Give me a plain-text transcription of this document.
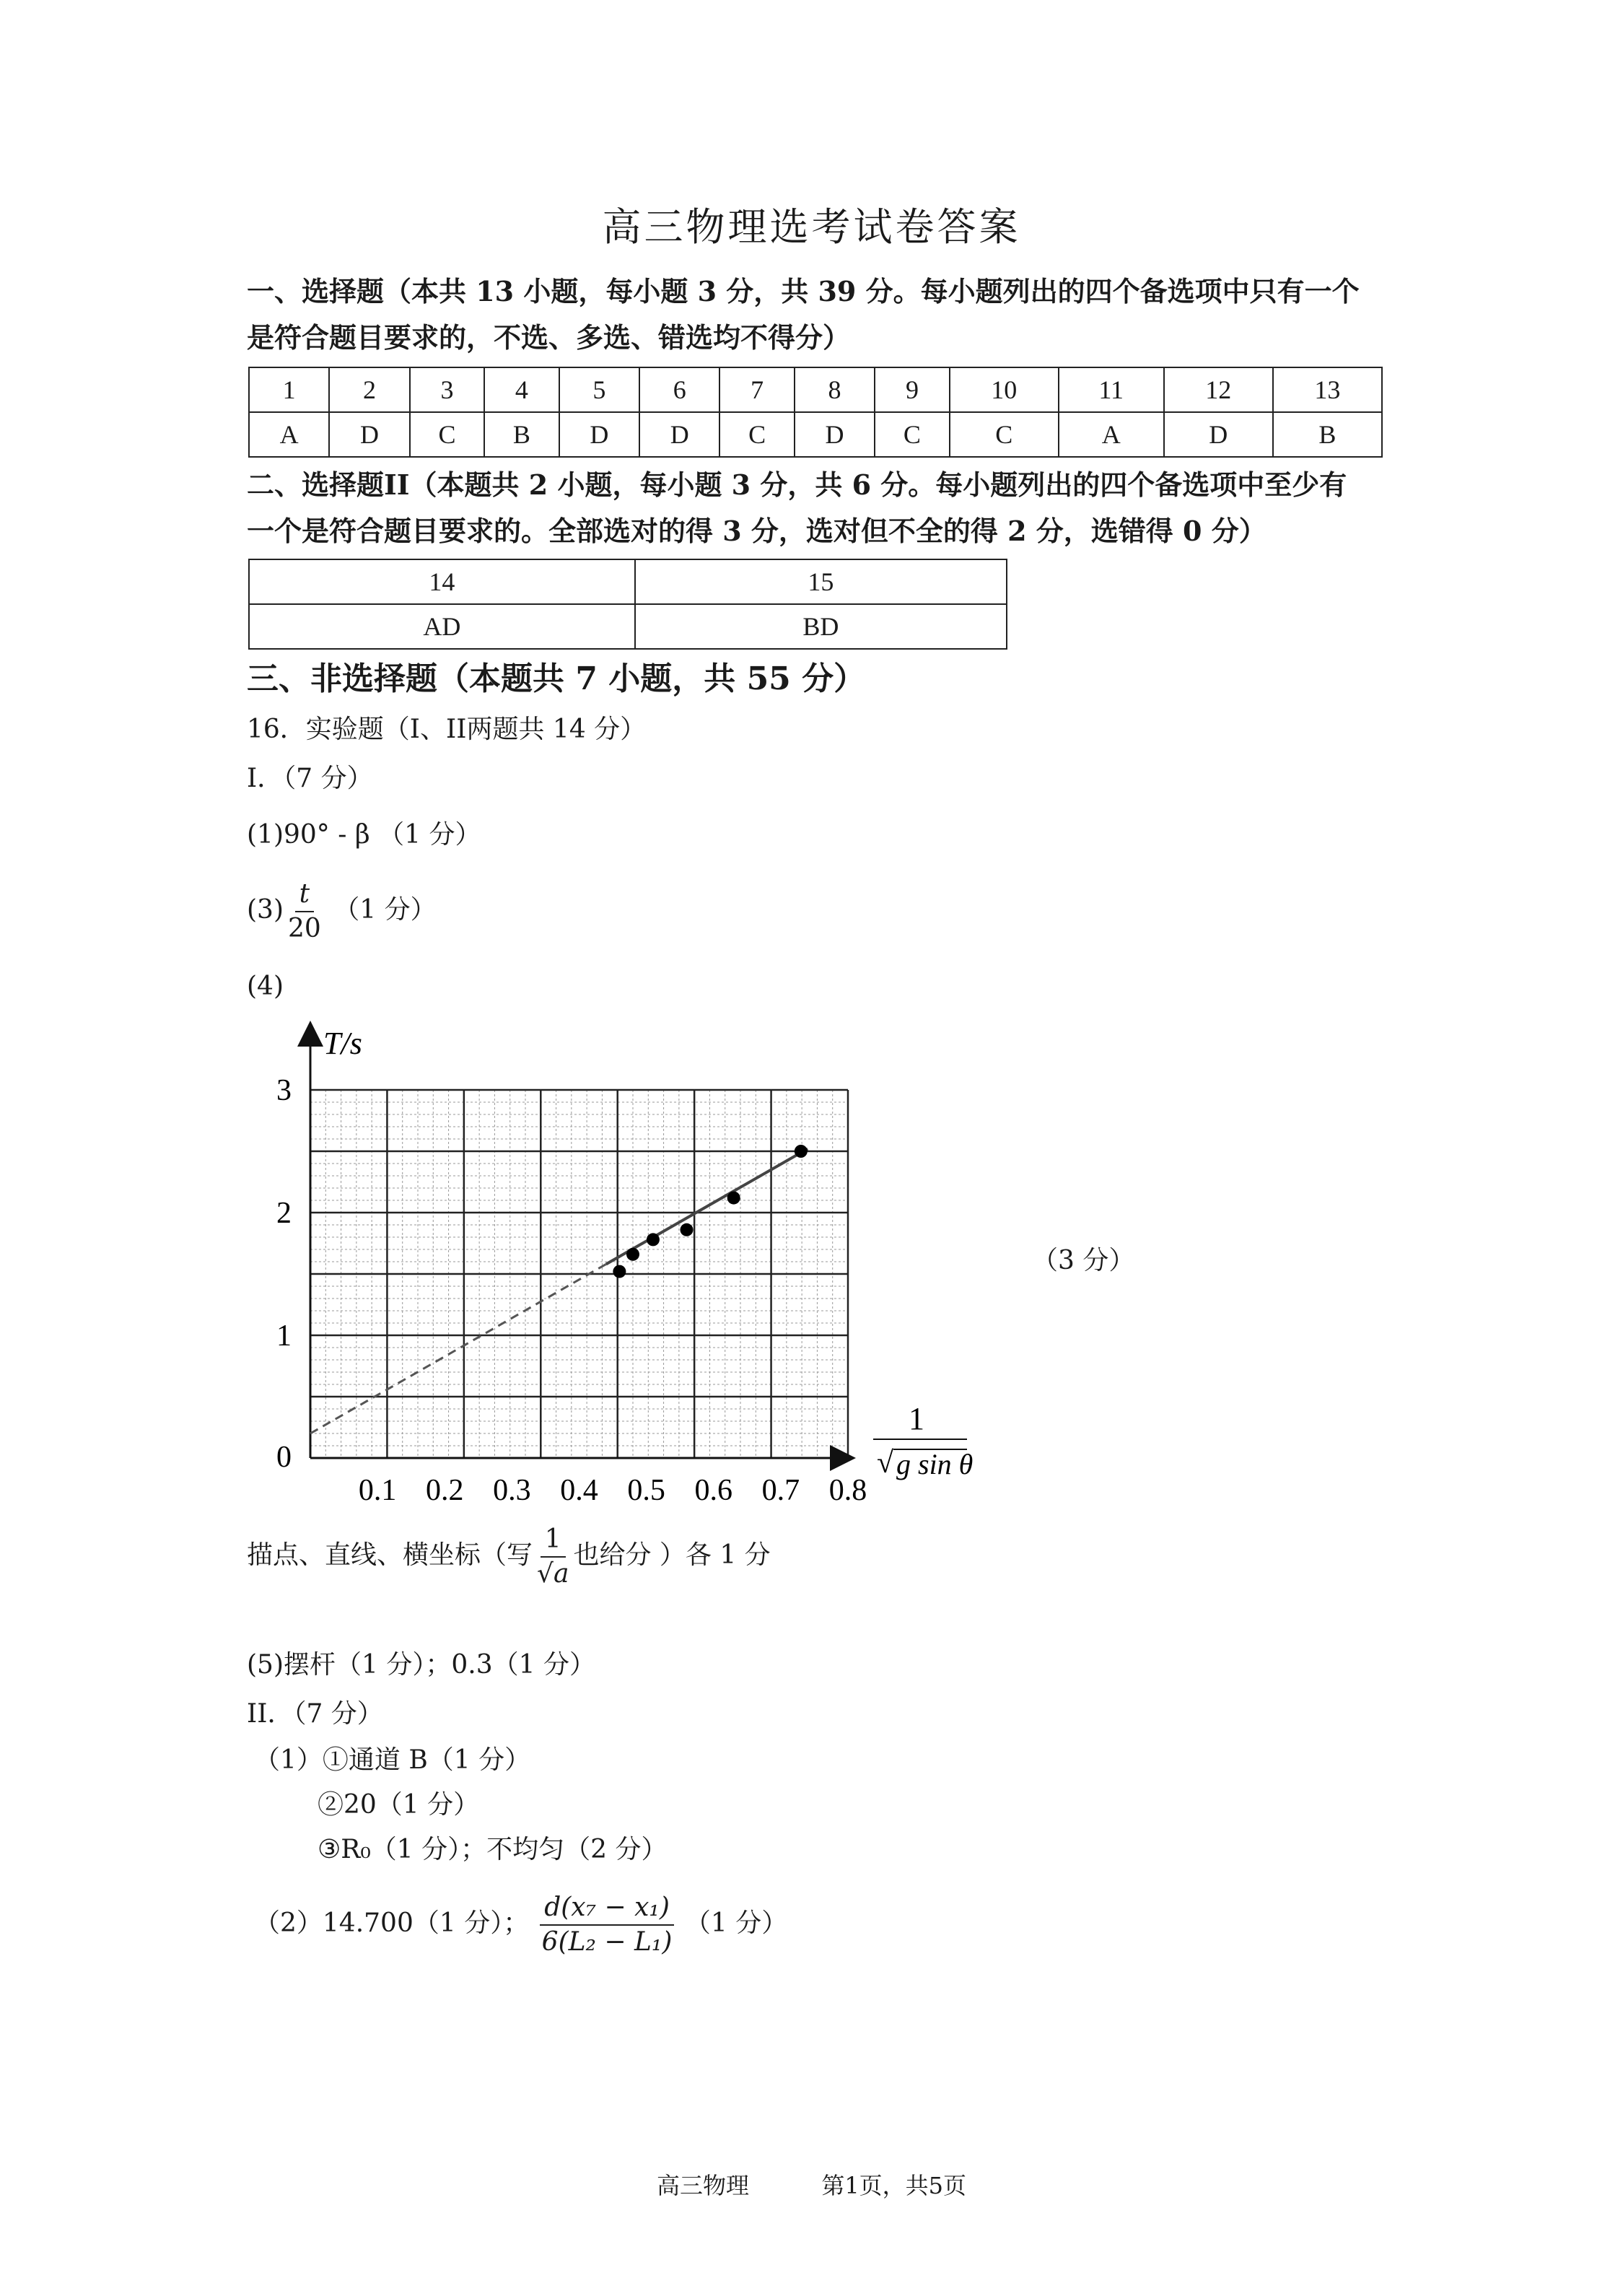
高三物理选考试卷答案
一、选择题（本共 13 小题，每小题 3 分，共 39 分。每小题列出的四个备选项中只有一个
是符合题目要求的，不选、多选、错选均不得分）
1	2	3	4	5	6	7	8	9	10	11	12	13
A	D	C	B	D	D	C	D	C	C	A	D	B
二、选择题II（本题共 2 小题，每小题 3 分，共 6 分。每小题列出的四个备选项中至少有
一个是符合题目要求的。全部选对的得 3 分，选对但不全的得 2 分，选错得 0 分）
14	15
AD	BD
三、非选择题（本题共 7 小题，共 55 分）
16．实验题（I、II两题共 14 分）
I．（7 分）
(1)90° - β （1 分）
$(3) \frac{t}{20} (1$ 分）
(4)
0.1 0.2 0.3 0.4 0.5 0.6 0.7 0.8
0
1
2
3
T/s
1
√ g sin θ
（3 分）
描点、直线、横坐标（写 $\frac{1}{√a}$ 也给分 ）各 1 分
(5)摆杆（1 分）；0.3（1 分）
II．（7 分）
（1）①通道 B（1 分）
②20（1 分）
③R₀（1 分）；不均匀（2 分）
（2）14.700（1 分）； $\frac{\text{d(x₇ − x₁)}}{\text{6(L₂ − L₁)}} (1$ 分）
高三物理	第1页，共5页
